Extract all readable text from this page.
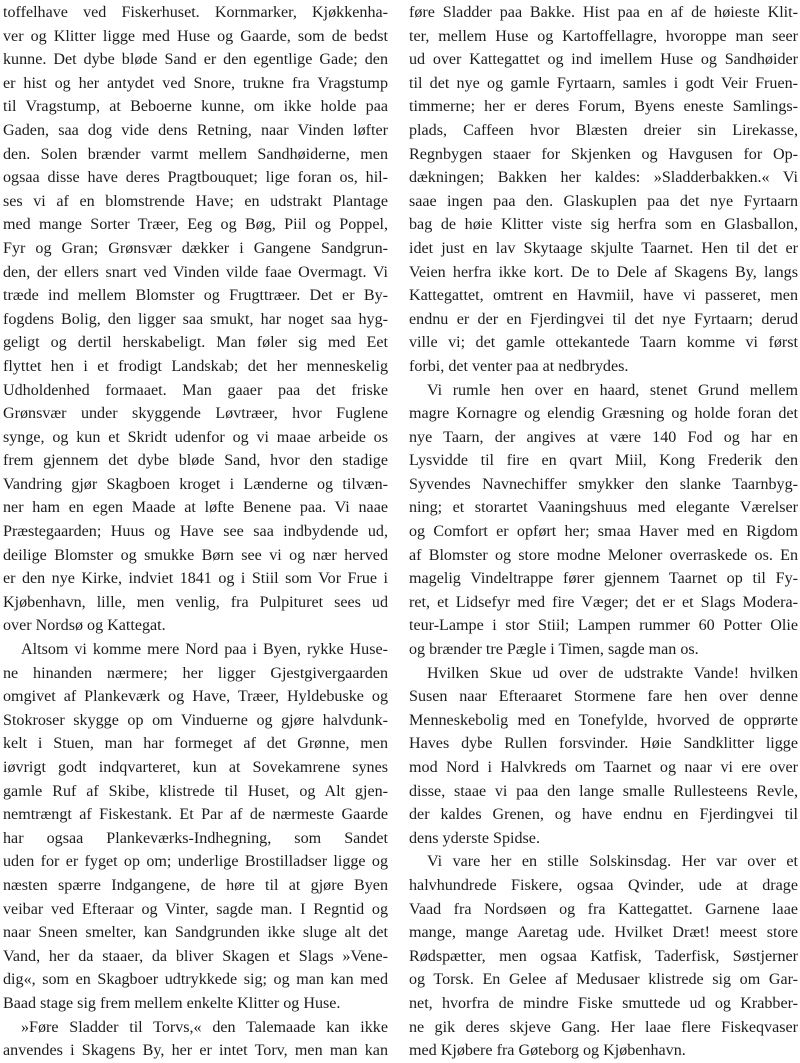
toffelhave ved Fiskerhuset. Kornmarker, Kjøkkenha-
ver og Klitter ligge med Huse og Gaarde, som de bedst
kunne. Det dybe bløde Sand er den egentlige Gade; den
er hist og her antydet ved Snore, trukne fra Vragstump
til Vragstump, at Beboerne kunne, om ikke holde paa
Gaden, saa dog vide dens Retning, naar Vinden løfter
den. Solen brænder varmt mellem Sandhøiderne, men
ogsaa disse have deres Pragtbouquet; lige foran os, hil-
ses vi af en blomstrende Have; en udstrakt Plantage
med mange Sorter Træer, Eeg og Bøg, Piil og Poppel,
Fyr og Gran; Grønsvær dækker i Gangene Sandgrun-
den, der ellers snart ved Vinden vilde faae Overmagt. Vi
træde ind mellem Blomster og Frugttræer. Det er By-
fogdens Bolig, den ligger saa smukt, har noget saa hyg-
geligt og dertil herskabeligt. Man føler sig med Eet
flyttet hen i et frodigt Landskab; det her menneskelig
Udholdenhed formaaet. Man gaaer paa det friske
Grønsvær under skyggende Løvtræer, hvor Fuglene
synge, og kun et Skridt udenfor og vi maae arbeide os
frem gjennem det dybe bløde Sand, hvor den stadige
Vandring gjør Skagboen kroget i Lænderne og tilvæn-
ner ham en egen Maade at løfte Benene paa. Vi naae
Præstegaarden; Huus og Have see saa indbydende ud,
deilige Blomster og smukke Børn see vi og nær herved
er den nye Kirke, indviet 1841 og i Stiil som Vor Frue i
Kjøbenhavn, lille, men venlig, fra Pulpituret sees ud
over Nordsø og Kattegat.
Altsom vi komme mere Nord paa i Byen, rykke Huse-
ne hinanden nærmere; her ligger Gjestgivergaarden
omgivet af Plankeværk og Have, Træer, Hyldebuske og
Stokroser skygge op om Vinduerne og gjøre halvdunk-
kelt i Stuen, man har formeget af det Grønne, men
iøvrigt godt indqvarteret, kun at Sovekamrene synes
gamle Ruf af Skibe, klistrede til Huset, og Alt gjen-
nemtrængt af Fiskestank. Et Par af de nærmeste Gaarde
har ogsaa Plankeværks-Indhegning, som Sandet
uden for er fyget op om; underlige Brostilladser ligge og
næsten spærre Indgangene, de høre til at gjøre Byen
veibar ved Efteraar og Vinter, sagde man. I Regntid og
naar Sneen smelter, kan Sandgrunden ikke sluge alt det
Vand, her da staaer, da bliver Skagen et Slags »Vene-
dig«, som en Skagboer udtrykkede sig; og man kan med
Baad stage sig frem mellem enkelte Klitter og Huse.
»Føre Sladder til Torvs,« den Talemaade kan ikke
anvendes i Skagens By, her er intet Torv, men man kan
føre Sladder paa Bakke. Hist paa en af de høieste Klit-
ter, mellem Huse og Kartoffellagre, hvoroppe man seer
ud over Kattegattet og ind imellem Huse og Sandhøider
til det nye og gamle Fyrtaarn, samles i godt Veir Fruen-
timmerne; her er deres Forum, Byens eneste Samlings-
plads, Caffeen hvor Blæsten dreier sin Lirekasse,
Regnbygen staaer for Skjenken og Havgusen for Op-
dækningen; Bakken her kaldes: »Sladderbakken.« Vi
saae ingen paa den. Glaskuplen paa det nye Fyrtaarn
bag de høie Klitter viste sig herfra som en Glasballon,
idet just en lav Skytaage skjulte Taarnet. Hen til det er
Veien herfra ikke kort. De to Dele af Skagens By, langs
Kattegattet, omtrent en Havmiil, have vi passeret, men
endnu er der en Fjerdingvei til det nye Fyrtaarn; derud
ville vi; det gamle ottekantede Taarn komme vi først
forbi, det venter paa at nedbrydes.
Vi rumle hen over en haard, stenet Grund mellem
magre Kornagre og elendig Græsning og holde foran det
nye Taarn, der angives at være 140 Fod og har en
Lysvidde til fire en qvart Miil, Kong Frederik den
Syvendes Navnechiffer smykker den slanke Taarnbyg-
ning; et storartet Vaaningshuus med elegante Værelser
og Comfort er opført her; smaa Haver med en Rigdom
af Blomster og store modne Meloner overraskede os. En
magelig Vindeltrappe fører gjennem Taarnet op til Fy-
ret, et Lidsefyr med fire Væger; det er et Slags Modera-
teur-Lampe i stor Stiil; Lampen rummer 60 Potter Olie
og brænder tre Pægle i Timen, sagde man os.
Hvilken Skue ud over de udstrakte Vande! hvilken
Susen naar Efteraaret Stormene fare hen over denne
Menneskebolig med en Tonefylde, hvorved de opprørte
Haves dybe Rullen forsvinder. Høie Sandklitter ligge
mod Nord i Halvkreds om Taarnet og naar vi ere over
disse, staae vi paa den lange smalle Rullesteens Revle,
der kaldes Grenen, og have endnu en Fjerdingvei til
dens yderste Spidse.
Vi vare her en stille Solskinsdag. Her var over et
halvhundrede Fiskere, ogsaa Qvinder, ude at drage
Vaad fra Nordsøen og fra Kattegattet. Garnene laae
mange, mange Aaretag ude. Hvilket Dræt! meest store
Rødspætter, men ogsaa Katfisk, Taderfisk, Søstjerner
og Torsk. En Gelee af Medusaer klistrede sig om Gar-
net, hvorfra de mindre Fiske smuttede ud og Krabber-
ne gik deres skjeve Gang. Her laae flere Fiskeqvaser
med Kjøbere fra Gøteborg og Kjøbenhavn.
